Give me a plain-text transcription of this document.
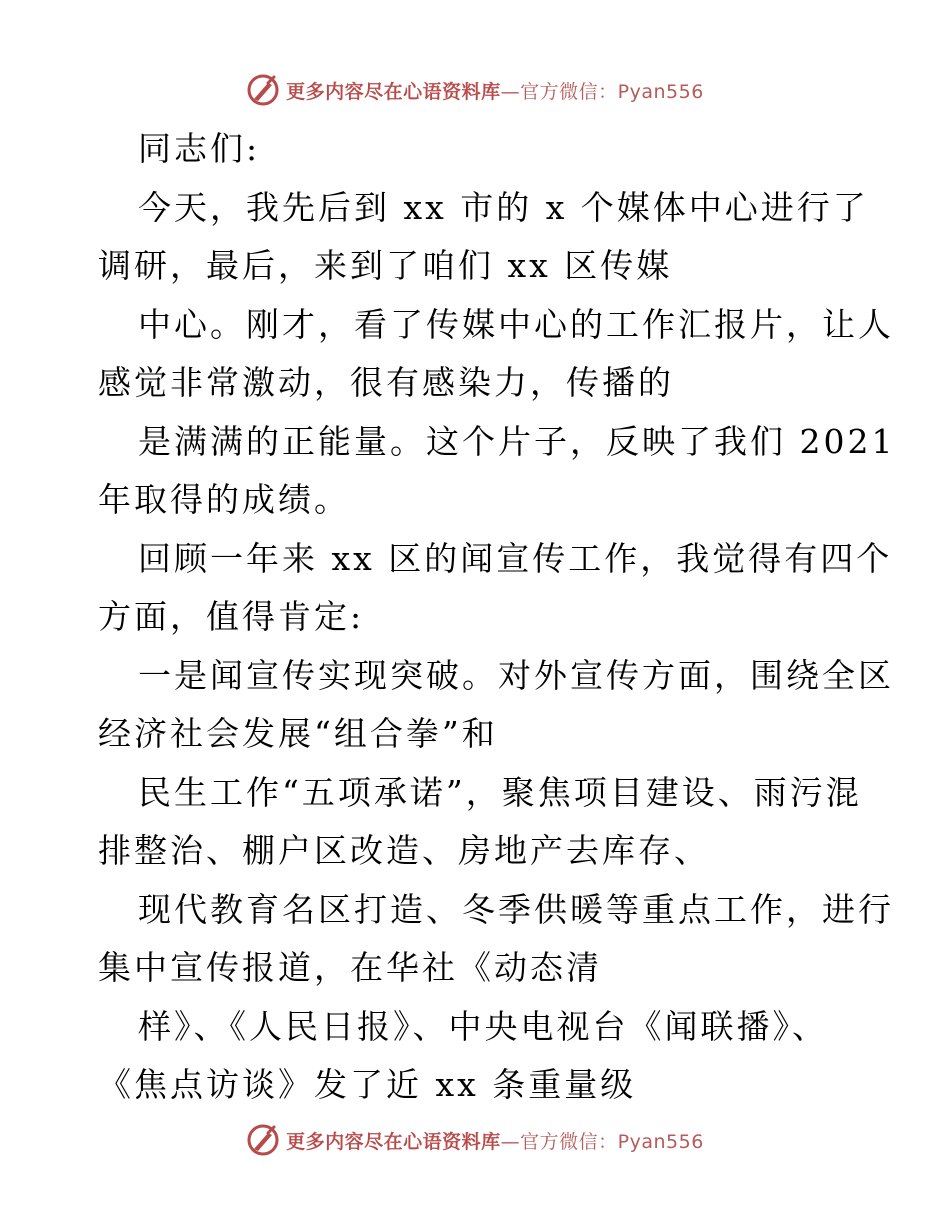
更多内容尽在心语资料库—官方微信：Pyan556
同志们:
今天，我先后到 xx 市的 x 个媒体中心进行了
调研，最后，来到了咱们 xx 区传媒
中心。刚才，看了传媒中心的工作汇报片，让人
感觉非常激动，很有感染力，传播的
是满满的正能量。这个片子，反映了我们 2021
年取得的成绩。
回顾一年来 xx 区的闻宣传工作，我觉得有四个
方面，值得肯定:
一是闻宣传实现突破。对外宣传方面，围绕全区
经济社会发展“组合拳”和
民生工作“五项承诺”，聚焦项目建设、雨污混
排整治、棚户区改造、房地产去库存、
现代教育名区打造、冬季供暖等重点工作，进行
集中宣传报道，在华社《动态清
样》、《人民日报》、中央电视台《闻联播》、
《焦点访谈》发了近 xx 条重量级
更多内容尽在心语资料库—官方微信：Pyan556
